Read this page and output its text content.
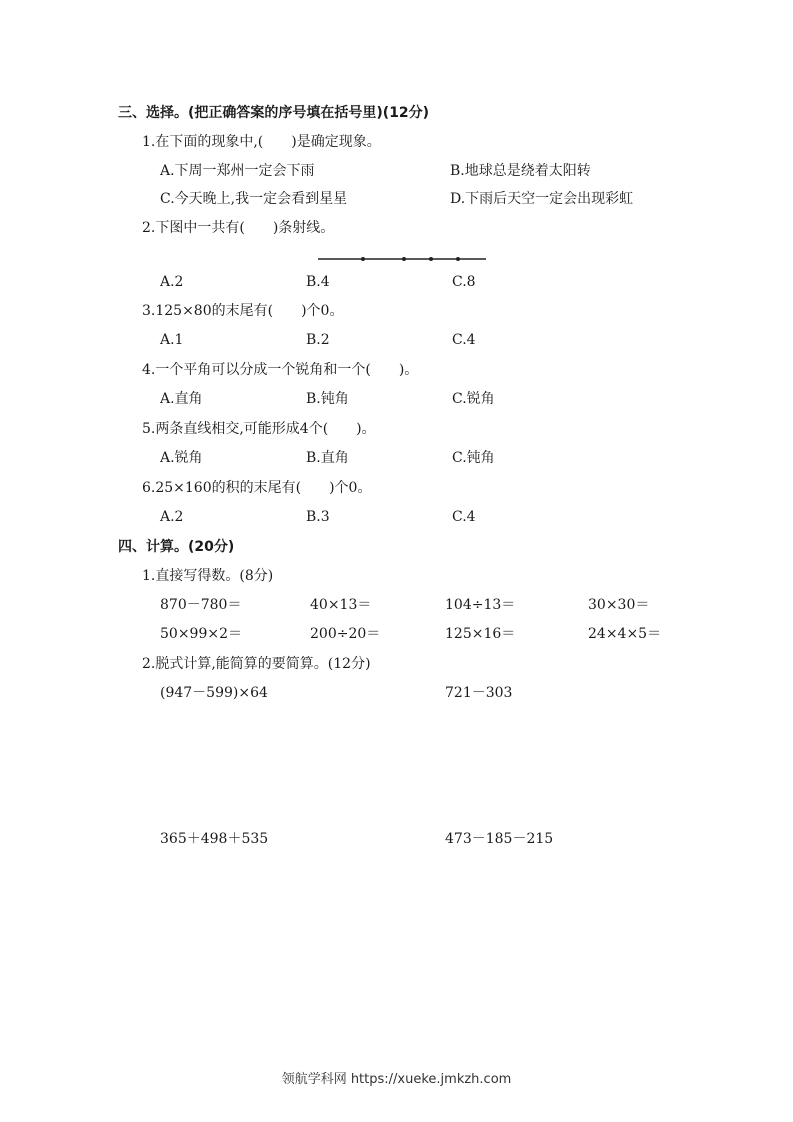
三、选择。(把正确答案的序号填在括号里)(12分)
1.在下面的现象中,(　　)是确定现象。
A.下周一郑州一定会下雨	B.地球总是绕着太阳转
C.今天晚上,我一定会看到星星	D.下雨后天空一定会出现彩虹
2.下图中一共有(　　)条射线。
A.2	B.4	C.8
3.125×80的末尾有(　　)个0。
A.1	B.2	C.4
4.一个平角可以分成一个锐角和一个(　　)。
A.直角	B.钝角	C.锐角
5.两条直线相交,可能形成4个(　　)。
A.锐角	B.直角	C.钝角
6.25×160的积的末尾有(　　)个0。
A.2	B.3	C.4
四、计算。(20分)
1.直接写得数。(8分)
870－780＝	40×13＝	104÷13＝	30×30＝
50×99×2＝	200÷20＝	125×16＝	24×4×5＝
2.脱式计算,能简算的要简算。(12分)
(947－599)×64	721－303
365＋498＋535	473－185－215
领航学科网 https://xueke.jmkzh.com
